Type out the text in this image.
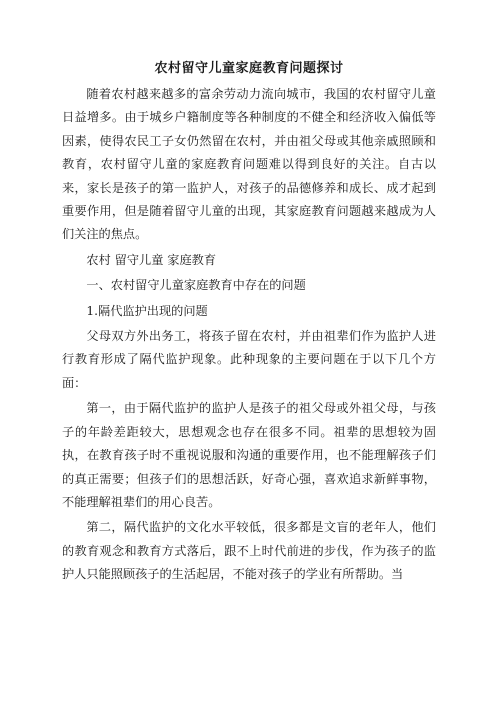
农村留守儿童家庭教育问题探讨

随着农村越来越多的富余劳动力流向城市，我国的农村留守儿童日益增多。由于城乡户籍制度等各种制度的不健全和经济收入偏低等因素，使得农民工子女仍然留在农村，并由祖父母或其他亲戚照顾和教育，农村留守儿童的家庭教育问题难以得到良好的关注。自古以来，家长是孩子的第一监护人，对孩子的品德修养和成长、成才起到重要作用，但是随着留守儿童的出现，其家庭教育问题越来越成为人们关注的焦点。

农村 留守儿童 家庭教育

一、农村留守儿童家庭教育中存在的问题

1.隔代监护出现的问题

父母双方外出务工，将孩子留在农村，并由祖辈们作为监护人进行教育形成了隔代监护现象。此种现象的主要问题在于以下几个方面：

第一，由于隔代监护的监护人是孩子的祖父母或外祖父母，与孩子的年龄差距较大，思想观念也存在很多不同。祖辈的思想较为固执，在教育孩子时不重视说服和沟通的重要作用，也不能理解孩子们的真正需要；但孩子们的思想活跃，好奇心强，喜欢追求新鲜事物，不能理解祖辈们的用心良苦。

第二，隔代监护的文化水平较低，很多都是文盲的老年人，他们的教育观念和教育方式落后，跟不上时代前进的步伐，作为孩子的监护人只能照顾孩子的生活起居，不能对孩子的学业有所帮助。当
